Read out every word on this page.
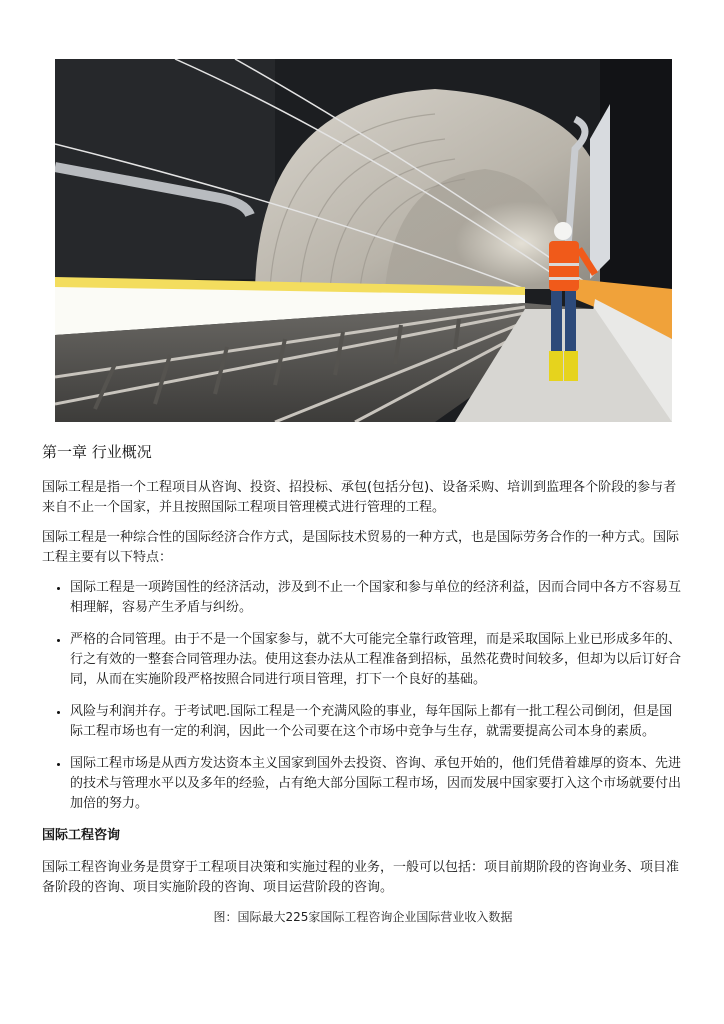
第一章 行业概况

国际工程是指一个工程项目从咨询、投资、招投标、承包(包括分包)、设备采购、培训到监理各个阶段的参与者来自不止一个国家，并且按照国际工程项目管理模式进行管理的工程。

国际工程是一种综合性的国际经济合作方式，是国际技术贸易的一种方式，也是国际劳务合作的一种方式。国际工程主要有以下特点：

• 国际工程是一项跨国性的经济活动，涉及到不止一个国家和参与单位的经济利益，因而合同中各方不容易互相理解，容易产生矛盾与纠纷。
• 严格的合同管理。由于不是一个国家参与，就不大可能完全靠行政管理，而是采取国际上业已形成多年的、行之有效的一整套合同管理办法。使用这套办法从工程准备到招标，虽然花费时间较多，但却为以后订好合同，从而在实施阶段严格按照合同进行项目管理，打下一个良好的基础。
• 风险与利润并存。于考试吧.国际工程是一个充满风险的事业，每年国际上都有一批工程公司倒闭，但是国际工程市场也有一定的利润，因此一个公司要在这个市场中竞争与生存，就需要提高公司本身的素质。
• 国际工程市场是从西方发达资本主义国家到国外去投资、咨询、承包开始的，他们凭借着雄厚的资本、先进的技术与管理水平以及多年的经验，占有绝大部分国际工程市场，因而发展中国家要打入这个市场就要付出加倍的努力。
国际工程咨询

国际工程咨询业务是贯穿于工程项目决策和实施过程的业务，一般可以包括：项目前期阶段的咨询业务、项目准备阶段的咨询、项目实施阶段的咨询、项目运营阶段的咨询。

图：国际最大225家国际工程咨询企业国际营业收入数据
